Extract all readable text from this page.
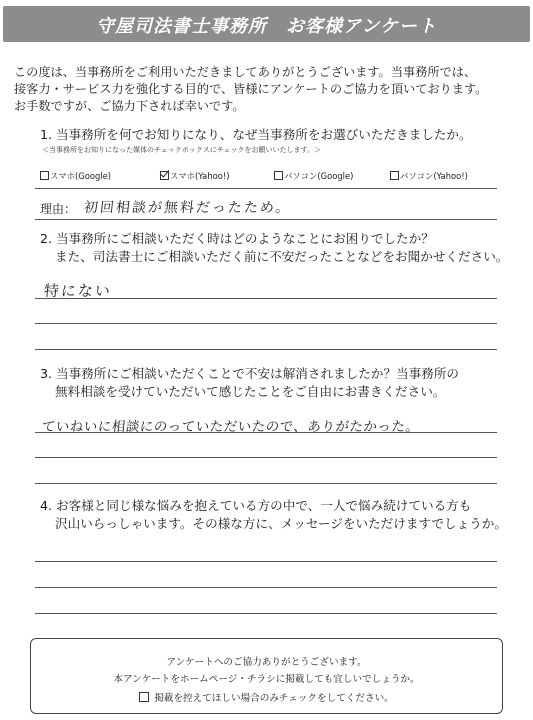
守屋司法書士事務所　お客様アンケート
この度は、当事務所をご利用いただきましてありがとうございます。当事務所では、
接客力・サービス力を強化する目的で、皆様にアンケートのご協力を頂いております。
お手数ですが、ご協力下されば幸いです。
1. 当事務所を何でお知りになり、なぜ当事務所をお選びいただきましたか。
＜当事務所をお知りになった媒体のチェックボックスにチェックをお願いいたします。＞
スマホ(Google)	スマホ(Yahoo!)	パソコン(Google)	パソコン(Yahoo!)
理由： 初回相談が無料だったため。
2. 当事務所にご相談いただく時はどのようなことにお困りでしたか？
また、司法書士にご相談いただく前に不安だったことなどをお聞かせください。
特にない
3. 当事務所にご相談いただくことで不安は解消されましたか？当事務所の
無料相談を受けていただいて感じたことをご自由にお書きください。
ていねいに相談にのっていただいたので、ありがたかった。
4. お客様と同じ様な悩みを抱えている方の中で、一人で悩み続けている方も
沢山いらっしゃいます。その様な方に、メッセージをいただけますでしょうか。
アンケートへのご協力ありがとうございます。
本アンケートをホームページ・チラシに掲載しても宜しいでしょうか。
掲載を控えてほしい場合のみチェックをしてください。
